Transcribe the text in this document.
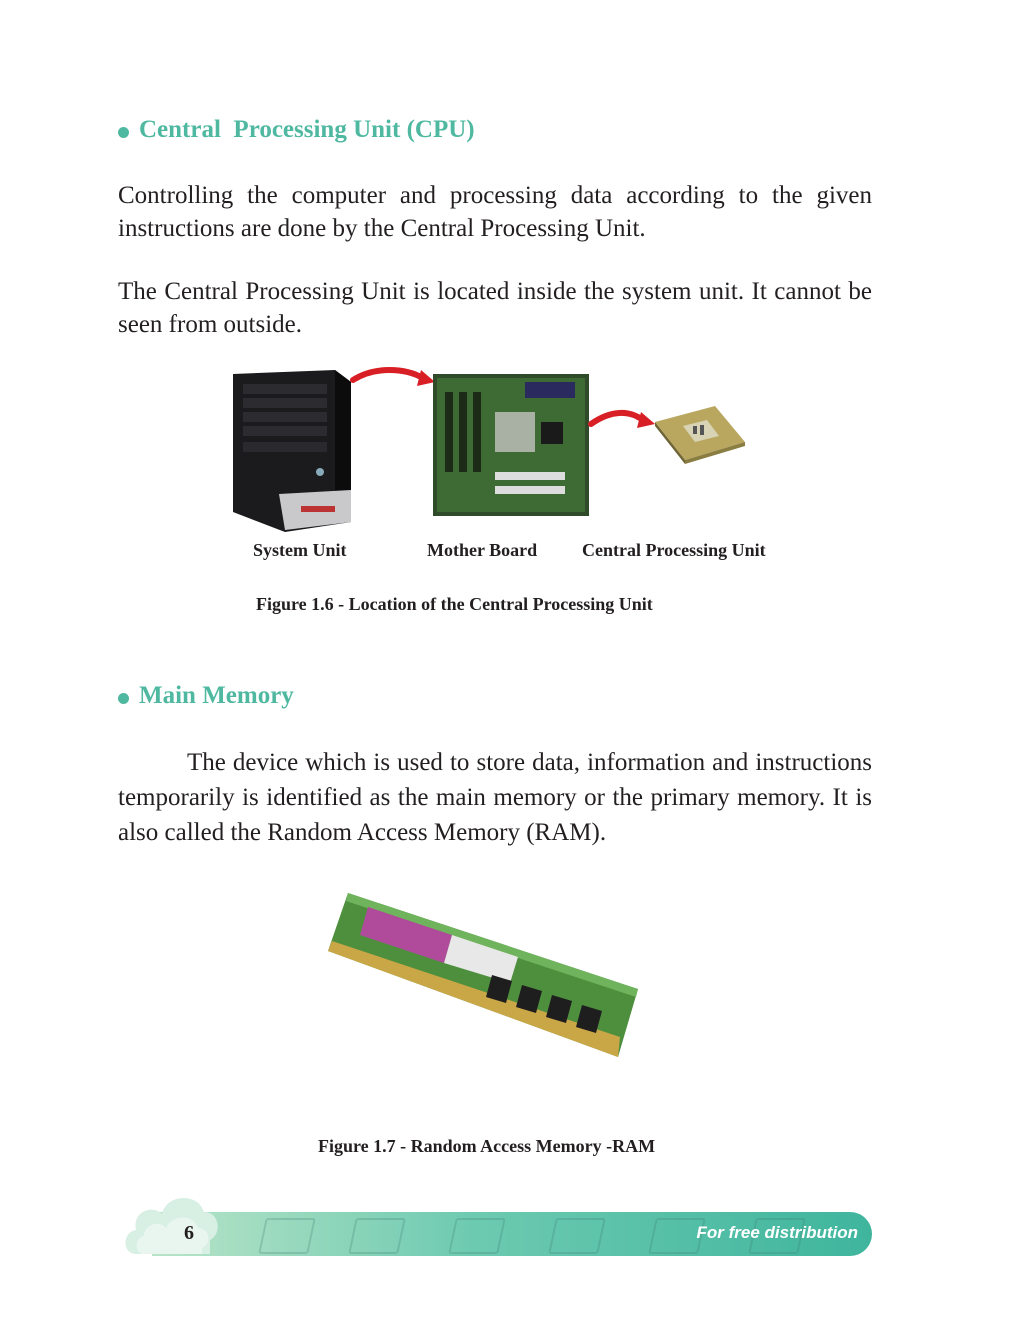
Central  Processing Unit (CPU)

Controlling the computer and processing data according to the given instructions are done by the Central Processing Unit.

The Central Processing Unit is located inside the system unit. It cannot be seen from outside.

System Unit	Mother Board Central Processing Unit
Figure 1.6 - Location of the Central Processing Unit
Main Memory

The device which is used to store data, information and instructions temporarily is identified as the main memory or the primary memory. It is also called the Random Access Memory (RAM).

Figure 1.7 - Random Access Memory -RAM
6	For free distribution
